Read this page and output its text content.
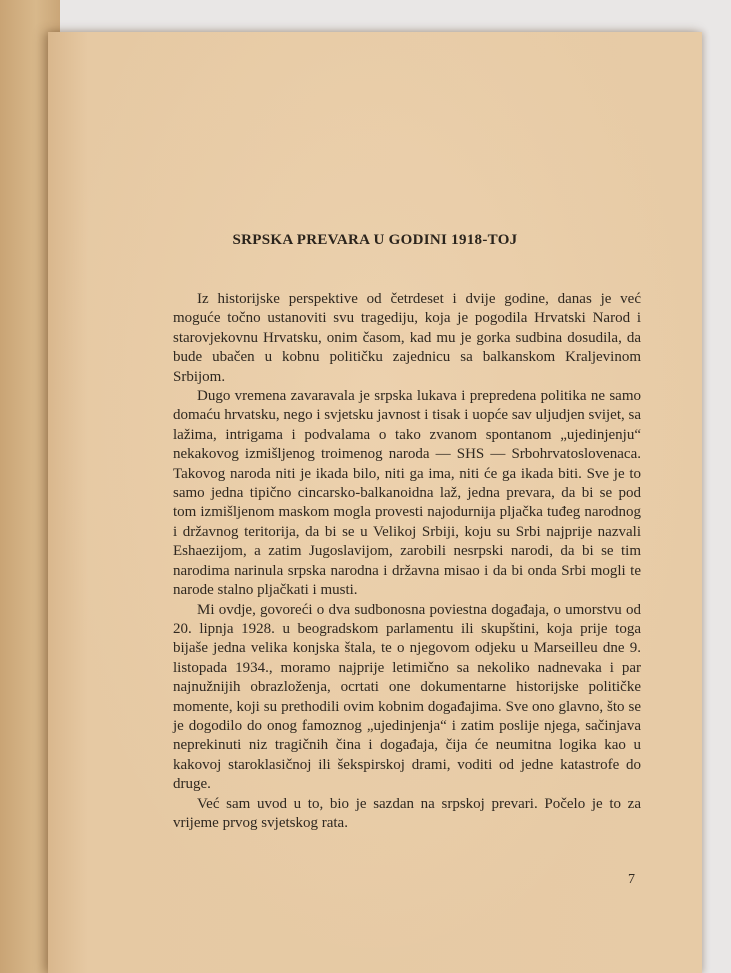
SRPSKA PREVARA U GODINI 1918-TOJ

Iz historijske perspektive od četrdeset i dvije godine, danas je već moguće točno ustanoviti svu tragediju, koja je pogodila Hrvatski Narod i starovjekovnu Hrvatsku, onim časom, kad mu je gorka sudbina dosudila, da bude ubačen u kobnu političku zajednicu sa balkanskom Kraljevinom Srbijom.

Dugo vremena zavaravala je srpska lukava i prepredena politika ne samo domaću hrvatsku, nego i svjetsku javnost i tisak i uopće sav uljudjen svijet, sa lažima, intrigama i podvalama o tako zvanom spontanom „ujedinjenju“ nekakovog izmišljenog troimenog naroda — SHS — Srbohrvatoslovenaca. Takovog naroda niti je ikada bilo, niti ga ima, niti će ga ikada biti. Sve je to samo jedna tipično cincarsko-balkanoidna laž, jedna prevara, da bi se pod tom izmišljenom maskom mogla provesti najodurnija pljačka tuđeg narodnog i državnog teritorija, da bi se u Velikoj Srbiji, koju su Srbi najprije nazvali Eshaezijom, a zatim Jugoslavijom, zarobili nesrpski narodi, da bi se tim narodima narinula srpska narodna i državna misao i da bi onda Srbi mogli te narode stalno pljačkati i musti.

Mi ovdje, govoreći o dva sudbonosna poviestna događaja, o umorstvu od 20. lipnja 1928. u beogradskom parlamentu ili skupštini, koja prije toga bijaše jedna velika konjska štala, te o njegovom odjeku u Marseilleu dne 9. listopada 1934., moramo najprije letimično sa nekoliko nadnevaka i par najnužnijih obrazloženja, ocrtati one dokumentarne historijske političke momente, koji su prethodili ovim kobnim događajima. Sve ono glavno, što se je dogodilo do onog famoznog „ujedinjenja“ i zatim poslije njega, sačinjava neprekinuti niz tragičnih čina i događaja, čija će neumitna logika kao u kakovoj staroklasičnoj ili šekspirskoj drami, voditi od jedne katastrofe do druge.

Već sam uvod u to, bio je sazdan na srpskoj prevari. Počelo je to za vrijeme prvog svjetskog rata.

7
